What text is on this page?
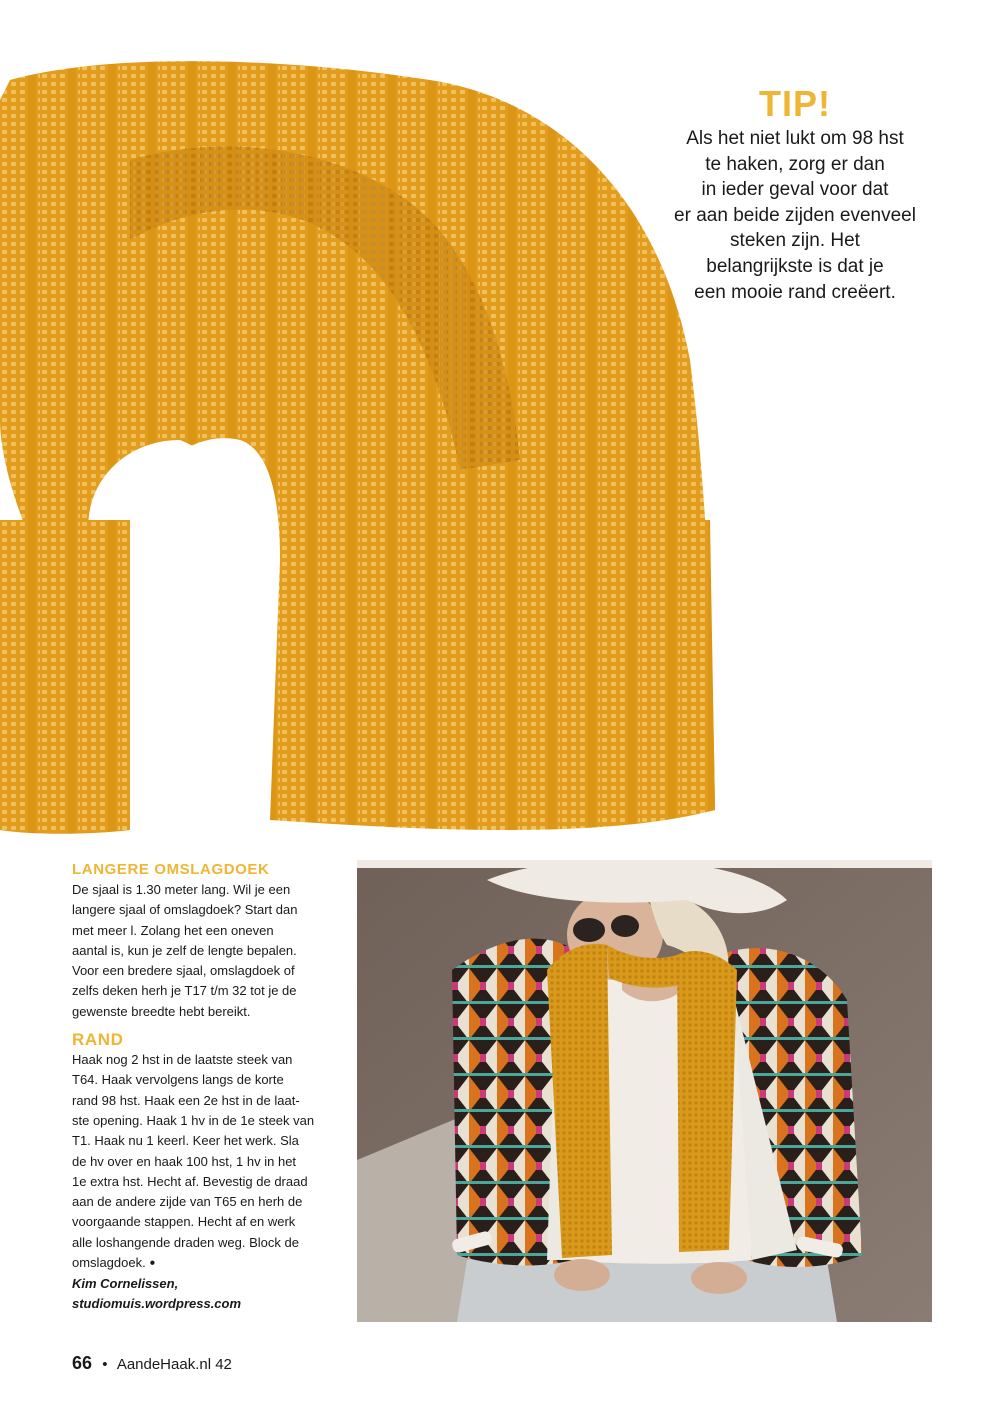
TIP!
Als het niet lukt om 98 hst
te haken, zorg er dan
in ieder geval voor dat
er aan beide zijden evenveel
steken zijn. Het
belangrijkste is dat je
een mooie rand creëert.
LANGERE OMSLAGDOEK

De sjaal is 1.30 meter lang. Wil je een
langere sjaal of omslagdoek? Start dan
met meer l. Zolang het een oneven
aantal is, kun je zelf de lengte bepalen.
Voor een bredere sjaal, omslagdoek of
zelfs deken herh je T17 t/m 32 tot je de
gewenste breedte hebt bereikt.

RAND

Haak nog 2 hst in de laatste steek van
T64. Haak vervolgens langs de korte
rand 98 hst. Haak een 2e hst in de laat-
ste opening. Haak 1 hv in de 1e steek van
T1. Haak nu 1 keerl. Keer het werk. Sla
de hv over en haak 100 hst, 1 hv in het
1e extra hst. Hecht af. Bevestig de draad
aan de andere zijde van T65 en herh de
voorgaande stappen. Hecht af en werk
alle loshangende draden weg. Block de
omslagdoek. ●

Kim Cornelissen,
studiomuis.wordpress.com
66 • AandeHaak.nl 42
